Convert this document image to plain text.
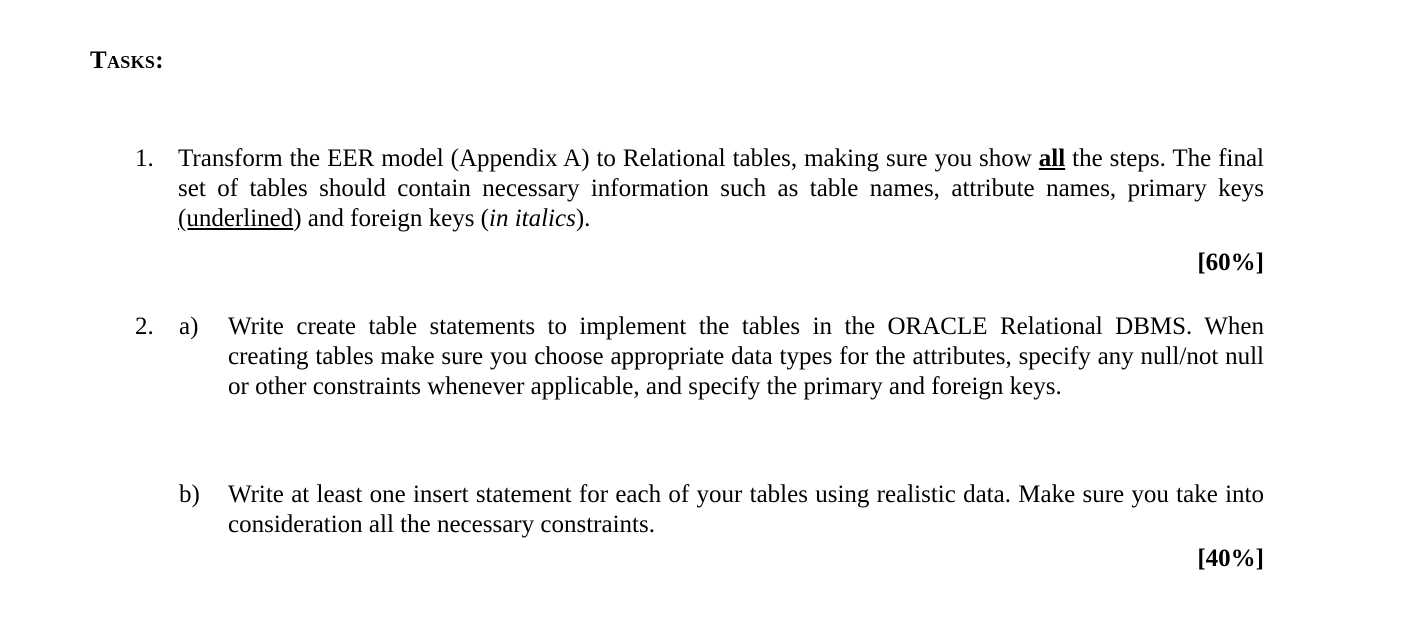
Tasks:
1. Transform the EER model (Appendix A) to Relational tables, making sure you show all the steps. The final set of tables should contain necessary information such as table names, attribute names, primary keys (underlined) and foreign keys (in italics).
[60%]
2.	a)	Write create table statements to implement the tables in the ORACLE Relational DBMS. When creating tables make sure you choose appropriate data types for the attributes, specify any null/not null or other constraints whenever applicable, and specify the primary and foreign keys.
b)	Write at least one insert statement for each of your tables using realistic data. Make sure you take into consideration all the necessary constraints.
[40%]
